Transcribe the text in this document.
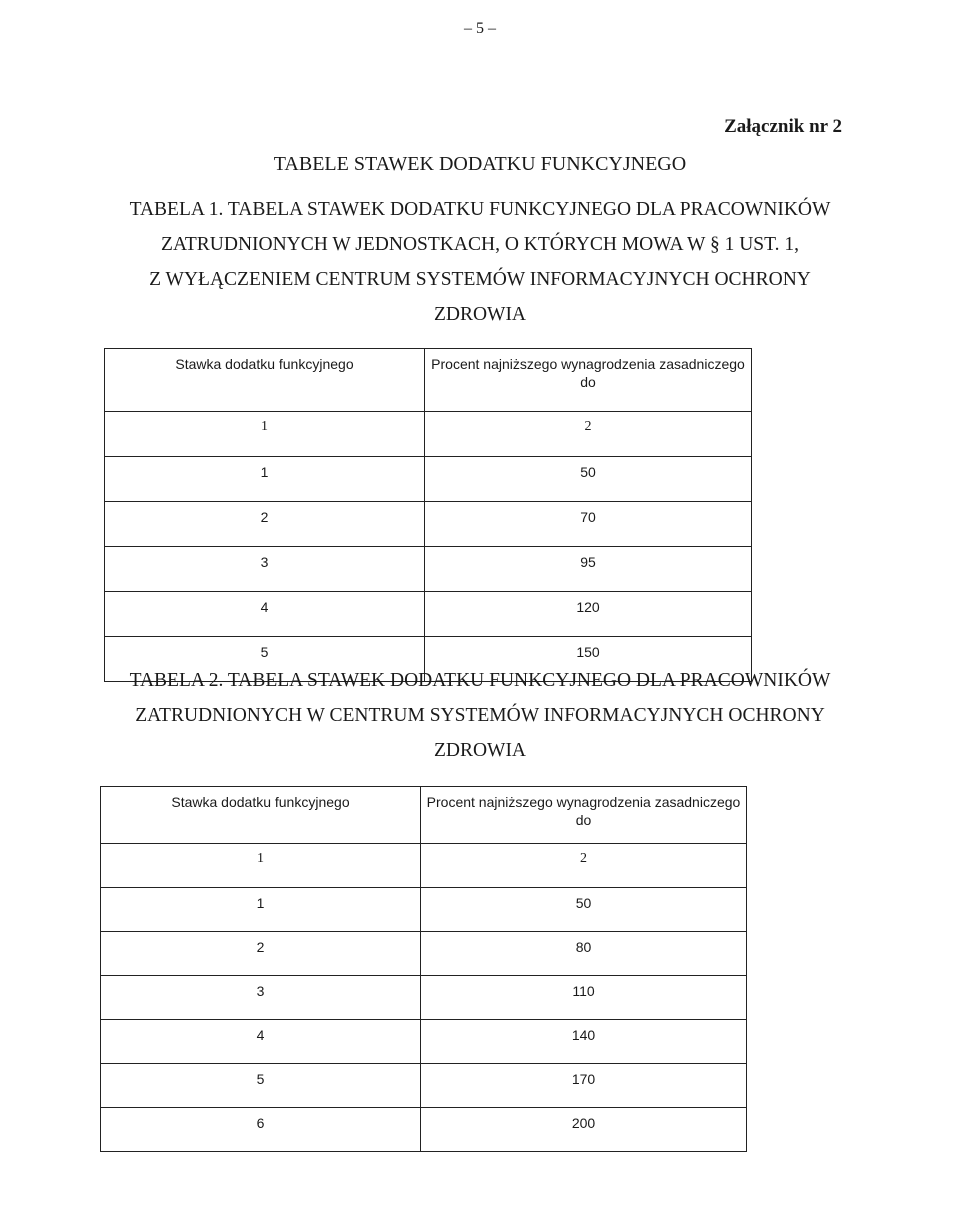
– 5 –
Załącznik nr 2
TABELE STAWEK DODATKU FUNKCYJNEGO
TABELA 1. TABELA STAWEK DODATKU FUNKCYJNEGO DLA PRACOWNIKÓW
ZATRUDNIONYCH W JEDNOSTKACH, O KTÓRYCH MOWA W § 1 UST. 1,
Z WYŁĄCZENIEM CENTRUM SYSTEMÓW INFORMACYJNYCH OCHRONY
ZDROWIA
Stawka dodatku funkcyjnego	Procent najniższego wynagrodzenia zasadniczego do
1	2
1	50
2	70
3	95
4	120
5	150
TABELA 2. TABELA STAWEK DODATKU FUNKCYJNEGO DLA PRACOWNIKÓW
ZATRUDNIONYCH W CENTRUM SYSTEMÓW INFORMACYJNYCH OCHRONY
ZDROWIA
Stawka dodatku funkcyjnego	Procent najniższego wynagrodzenia zasadniczego do
1	2
1	50
2	80
3	110
4	140
5	170
6	200
